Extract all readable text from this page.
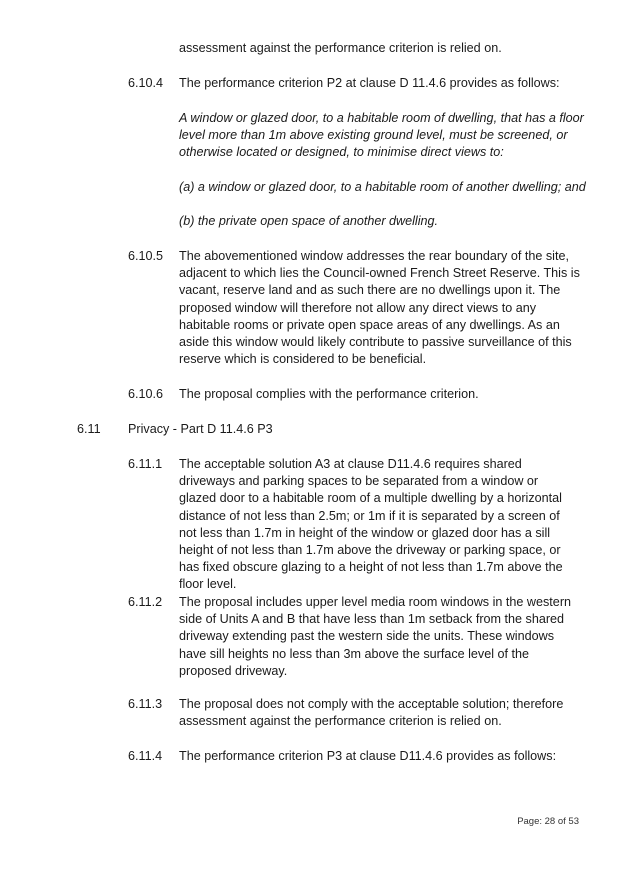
assessment against the performance criterion is relied on.
6.10.4 The performance criterion P2 at clause D 11.4.6 provides as follows:
A window or glazed door, to a habitable room of dwelling, that has a floor level more than 1m above existing ground level, must be screened, or otherwise located or designed, to minimise direct views to:
(a) a window or glazed door, to a habitable room of another dwelling; and
(b) the private open space of another dwelling.
6.10.5 The abovementioned window addresses the rear boundary of the site, adjacent to which lies the Council-owned French Street Reserve. This is vacant, reserve land and as such there are no dwellings upon it. The proposed window will therefore not allow any direct views to any habitable rooms or private open space areas of any dwellings. As an aside this window would likely contribute to passive surveillance of this reserve which is considered to be beneficial.
6.10.6 The proposal complies with the performance criterion.
6.11 Privacy - Part D 11.4.6 P3
6.11.1 The acceptable solution A3 at clause D11.4.6 requires shared driveways and parking spaces to be separated from a window or glazed door to a habitable room of a multiple dwelling by a horizontal distance of not less than 2.5m; or 1m if it is separated by a screen of not less than 1.7m in height of the window or glazed door has a sill height of not less than 1.7m above the driveway or parking space, or has fixed obscure glazing to a height of not less than 1.7m above the floor level.
6.11.2 The proposal includes upper level media room windows in the western side of Units A and B that have less than 1m setback from the shared driveway extending past the western side the units. These windows have sill heights no less than 3m above the surface level of the proposed driveway.
6.11.3 The proposal does not comply with the acceptable solution; therefore assessment against the performance criterion is relied on.
6.11.4 The performance criterion P3 at clause D11.4.6 provides as follows:
Page: 28 of 53
